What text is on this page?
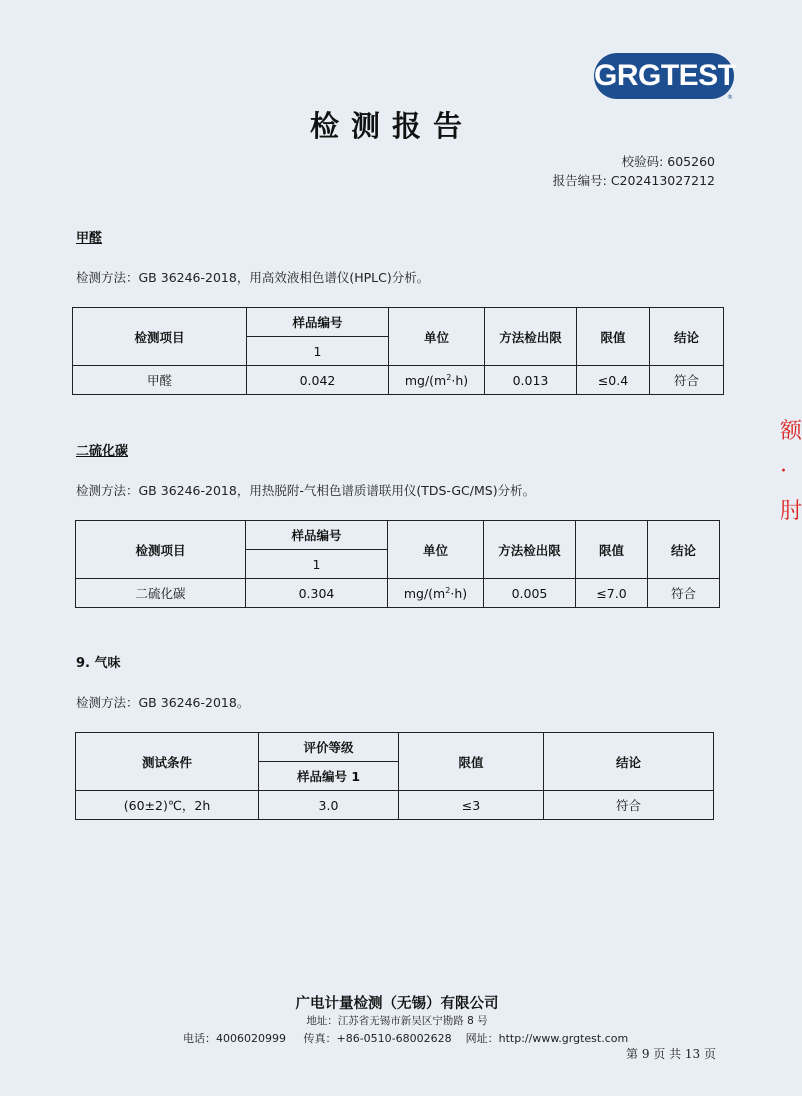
GRGTEST
®
检测报告
校验码: 605260
报告编号: C202413027212
甲醛
检测方法：GB 36246-2018，用高效液相色谱仪(HPLC)分析。
检测项目	样品编号	单位	方法检出限	限值	结论
	1				
甲醛	0.042	$mg/(m^2\cdot h)$	0.013	≤0.4	符合
二硫化碳
检测方法：GB 36246-2018，用热脱附-气相色谱质谱联用仪(TDS-GC/MS)分析。
检测项目	样品编号	单位	方法检出限	限值	结论
	1				
二硫化碳	0.304	$mg/(m^2\cdot h)$	0.005	≤7.0	符合
9. 气味
检测方法：GB 36246-2018。
测试条件	评价等级	限值	结论
	样品编号 1		
(60±2)℃，2h	3.0	≤3	符合
额 · 肘
广电计量检测（无锡）有限公司
地址：江苏省无锡市新吴区宁勘路 8 号
电话：4006020999 传真：+86-0510-68002628 网址：http://www.grgtest.com
第 9 页 共 13 页
